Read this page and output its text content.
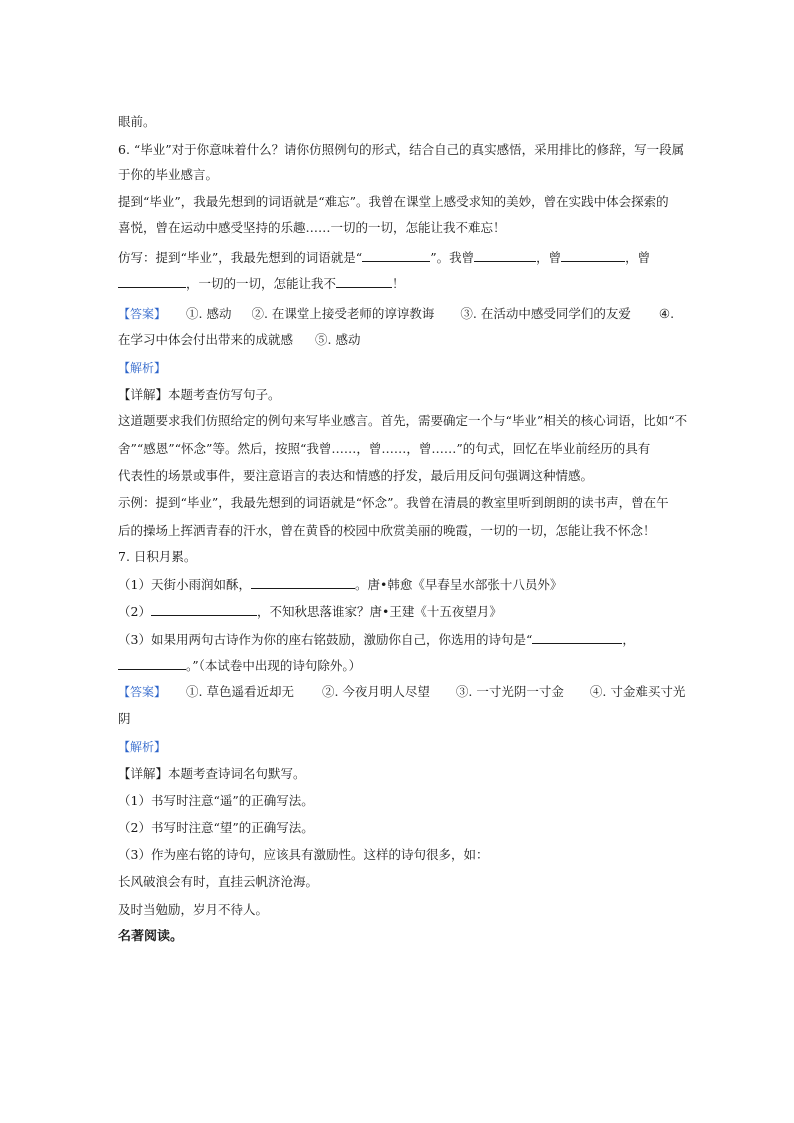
眼前。
6. “毕业”对于你意味着什么？请你仿照例句的形式，结合自己的真实感悟，采用排比的修辞，写一段属
于你的毕业感言。
提到“毕业”，我最先想到的词语就是“难忘”。我曾在课堂上感受求知的美妙，曾在实践中体会探索的
喜悦，曾在运动中感受坚持的乐趣……一切的一切，怎能让我不难忘！
仿写：提到“毕业”，我最先想到的词语就是“	”。我曾	，曾	，曾
，一切的一切，怎能让我不	！
【答案】 ①. 感动 ②. 在课堂上接受老师的谆谆教诲 ③. 在活动中感受同学们的友爱 ④.
在学习中体会付出带来的成就感 ⑤. 感动
【解析】
【详解】本题考查仿写句子。
这道题要求我们仿照给定的例句来写毕业感言。首先，需要确定一个与“毕业”相关的核心词语，比如“不
舍”“感恩”“怀念”等。然后，按照“我曾……，曾……，曾……”的句式，回忆在毕业前经历的具有
代表性的场景或事件，要注意语言的表达和情感的抒发，最后用反问句强调这种情感。
示例：提到“毕业”，我最先想到的词语就是“怀念”。我曾在清晨的教室里听到朗朗的读书声，曾在午
后的操场上挥洒青春的汗水，曾在黄昏的校园中欣赏美丽的晚霞，一切的一切，怎能让我不怀念！
7. 日积月累。
（1）天街小雨润如酥，	。唐•韩愈《早春呈水部张十八员外》
（2）	，不知秋思落谁家？唐•王建《十五夜望月》
（3）如果用两句古诗作为你的座右铭鼓励，激励你自己，你选用的诗句是“	，
。”（本试卷中出现的诗句除外。）
【答案】 ①. 草色遥看近却无 ②. 今夜月明人尽望 ③. 一寸光阴一寸金 ④. 寸金难买寸光
阴
【解析】
【详解】本题考查诗词名句默写。
（1）书写时注意“遥”的正确写法。
（2）书写时注意“望”的正确写法。
（3）作为座右铭的诗句，应该具有激励性。这样的诗句很多，如：
长风破浪会有时，直挂云帆济沧海。
及时当勉励，岁月不待人。
名著阅读。
